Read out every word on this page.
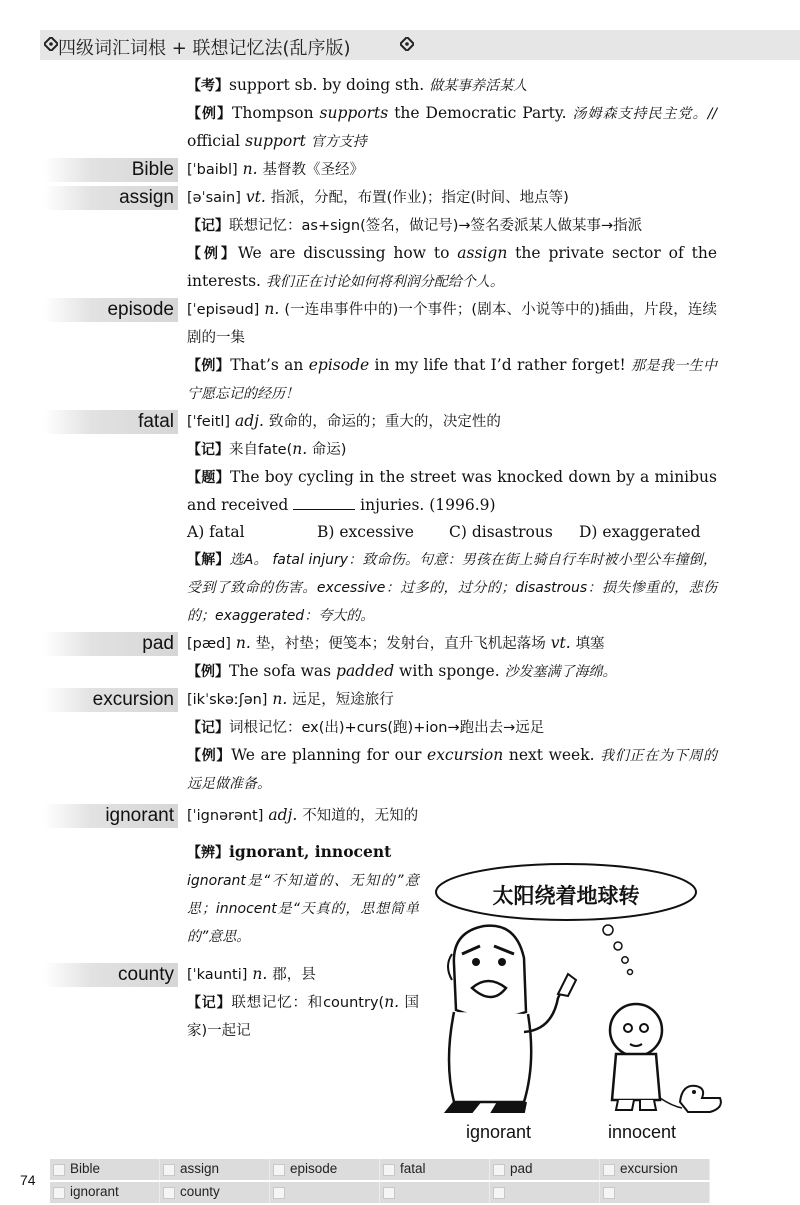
四级词汇词根 + 联想记忆法(乱序版)

【考】support sb. by doing sth. 做某事养活某人

【例】Thompson supports the Democratic Party. 汤姆森支持民主党。// official support 官方支持

Bible [ˈbaibl] n. 基督教《圣经》

assign [əˈsain] vt. 指派，分配，布置(作业)；指定(时间、地点等)

【记】联想记忆：as+sign(签名，做记号)→签名委派某人做某事→指派

【例】We are discussing how to assign the private sector of the interests. 我们正在讨论如何将利润分配给个人。

episode [ˈepisəud] n. (一连串事件中的)一个事件；(剧本、小说等中的)插曲，片段，连续剧的一集

【例】That’s an episode in my life that I’d rather forget! 那是我一生中宁愿忘记的经历！

fatal [ˈfeitl] adj. 致命的，命运的；重大的，决定性的

【记】来自fate(n. 命运)

【题】The boy cycling in the street was knocked down by a minibus and received	injuries. (1996.9)

A) fatal	B) excessive	C) disastrous	D) exaggerated

【解】选A。 fatal injury：致命伤。句意：男孩在街上骑自行车时被小型公车撞倒，受到了致命的伤害。excessive：过多的，过分的；disastrous：损失惨重的，悲伤的；exaggerated：夸大的。

pad [pæd] n. 垫，衬垫；便笺本；发射台，直升飞机起落场 vt. 填塞

【例】The sofa was padded with sponge. 沙发塞满了海绵。

excursion [ikˈskəːʃən] n. 远足，短途旅行

【记】词根记忆：ex(出)+curs(跑)+ion→跑出去→远足

【例】We are planning for our excursion next week. 我们正在为下周的远足做准备。

ignorant [ˈignərənt] adj. 不知道的，无知的

【辨】ignorant, innocent

ignorant是“不知道的、无知的”意思；innocent是“天真的，思想简单的”意思。

county [ˈkaunti] n. 郡，县

【记】联想记忆：和country(n. 国家)一起记

太阳绕着地球转
ignorant	innocent
74
Bible	assign	episode	fatal	pad	excursion
ignorant	county
